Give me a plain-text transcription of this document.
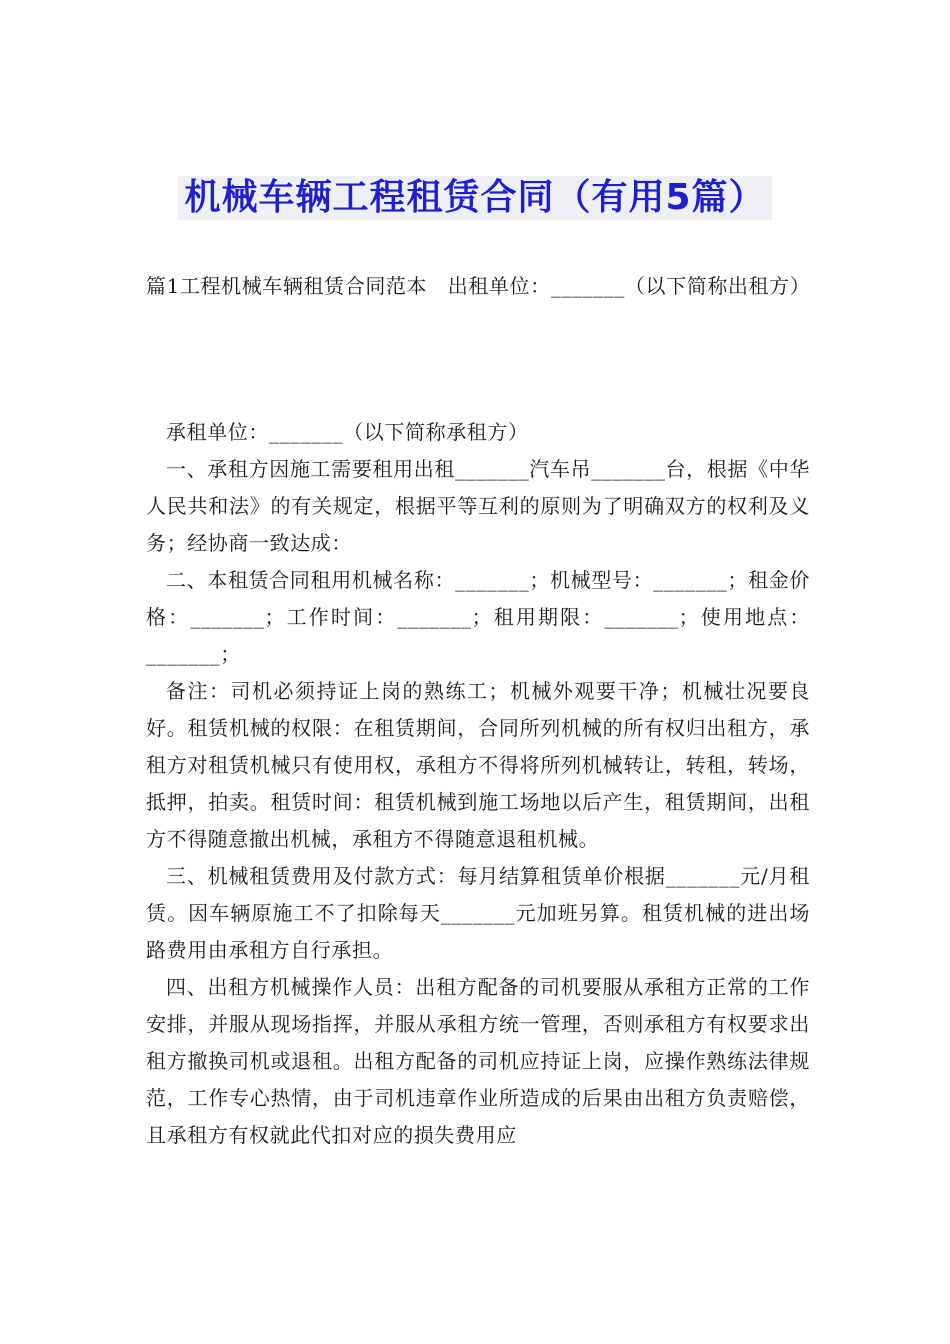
机械车辆工程租赁合同（有用5篇）

篇1工程机械车辆租赁合同范本　出租单位：_______（以下简称出租方）

承租单位：_______（以下简称承租方）

一、承租方因施工需要租用出租_______汽车吊_______台，根据《中华人民共和法》的有关规定，根据平等互利的原则为了明确双方的权利及义务；经协商一致达成：

二、本租赁合同租用机械名称：_______；机械型号：_______；租金价格：_______；工作时间：_______；租用期限：_______；使用地点：_______；

备注：司机必须持证上岗的熟练工；机械外观要干净；机械壮况要良好。租赁机械的权限：在租赁期间，合同所列机械的所有权归出租方，承租方对租赁机械只有使用权，承租方不得将所列机械转让，转租，转场，抵押，拍卖。租赁时间：租赁机械到施工场地以后产生，租赁期间，出租方不得随意撤出机械，承租方不得随意退租机械。

三、机械租赁费用及付款方式：每月结算租赁单价根据_______元/月租赁。因车辆原施工不了扣除每天_______元加班另算。租赁机械的进出场路费用由承租方自行承担。

四、出租方机械操作人员：出租方配备的司机要服从承租方正常的工作安排，并服从现场指挥，并服从承租方统一管理，否则承租方有权要求出租方撤换司机或退租。出租方配备的司机应持证上岗，应操作熟练法律规范，工作专心热情，由于司机违章作业所造成的后果由出租方负责赔偿，且承租方有权就此代扣对应的损失费用应
